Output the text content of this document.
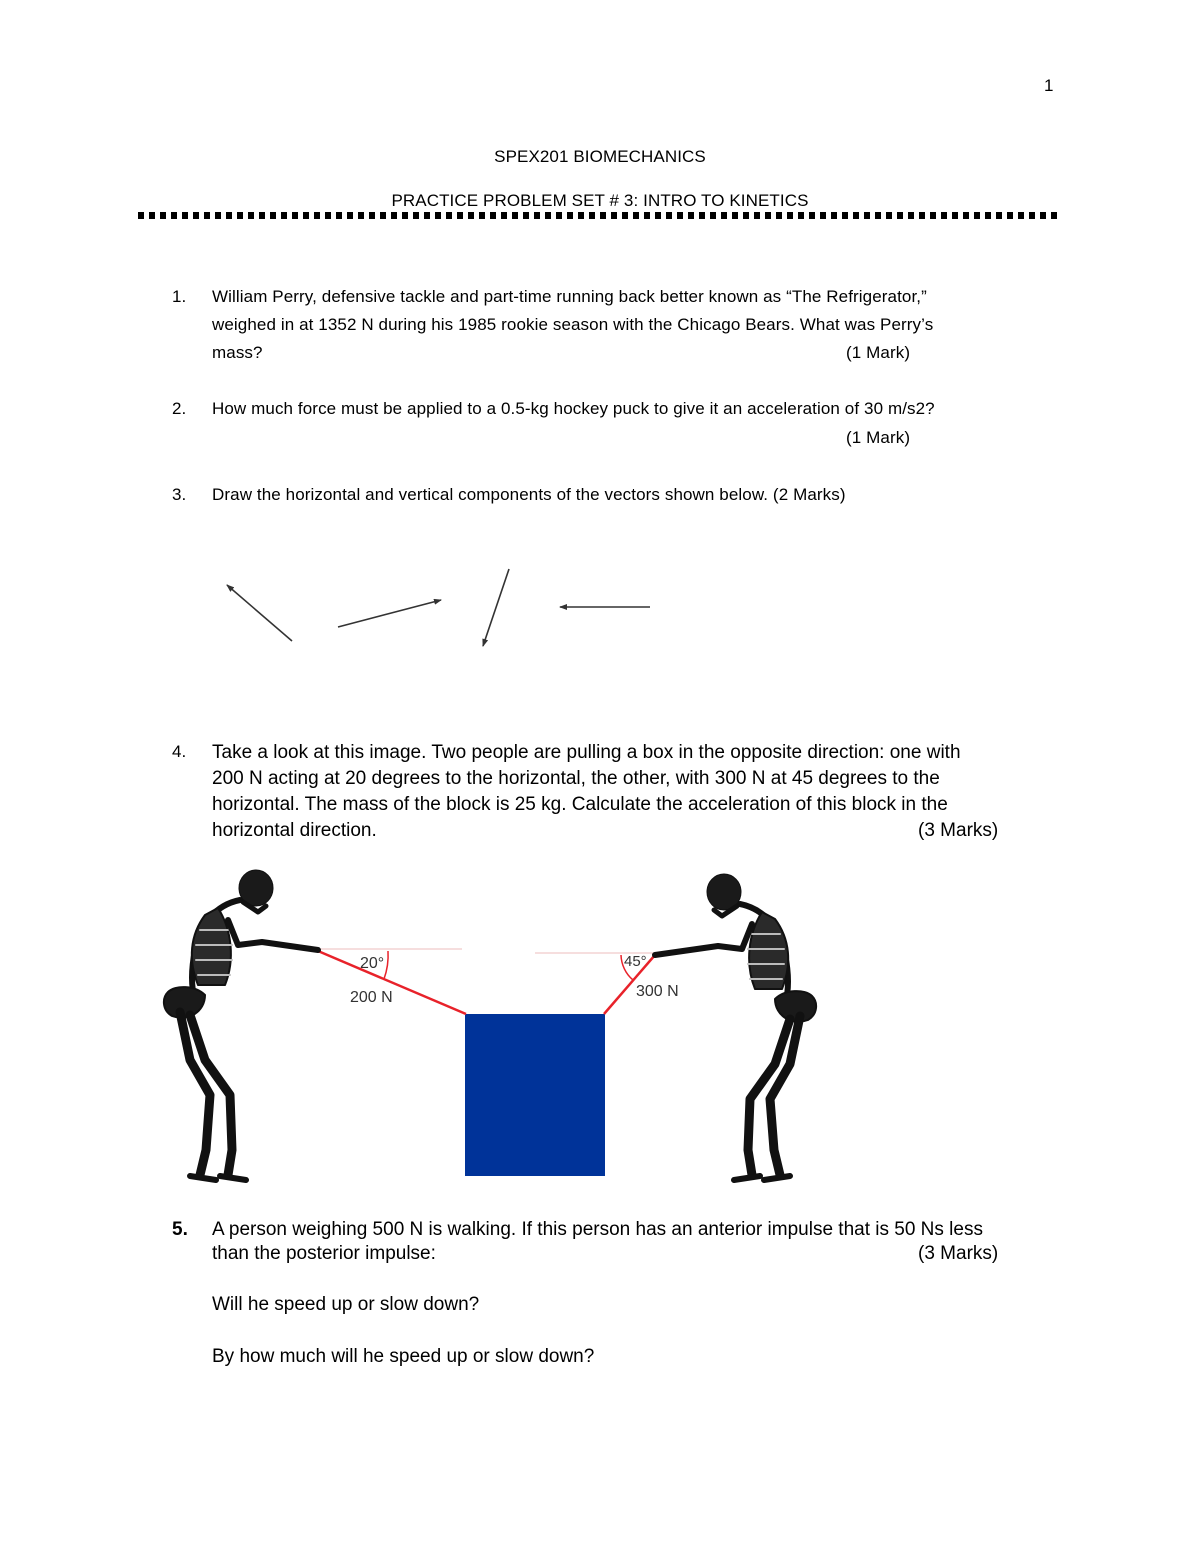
1
SPEX201 BIOMECHANICS
PRACTICE PROBLEM SET # 3: INTRO TO KINETICS
1. William Perry, defensive tackle and part-time running back better known as “The Refrigerator,”
weighed in at 1352 N during his 1985 rookie season with the Chicago Bears. What was Perry’s
mass?	(1 Mark)
2. How much force must be applied to a 0.5-kg hockey puck to give it an acceleration of 30 m/s2?
(1 Mark)
3. Draw the horizontal and vertical components of the vectors shown below. (2 Marks)
4. Take a look at this image. Two people are pulling a box in the opposite direction: one with
200 N acting at 20 degrees to the horizontal, the other, with 300 N at 45 degrees to the
horizontal. The mass of the block is 25 kg. Calculate the acceleration of this block in the
horizontal direction.	(3 Marks)
20°
200 N
45°
300 N
5. A person weighing 500 N is walking. If this person has an anterior impulse that is 50 Ns less
than the posterior impulse:	(3 Marks)
Will he speed up or slow down?
By how much will he speed up or slow down?
